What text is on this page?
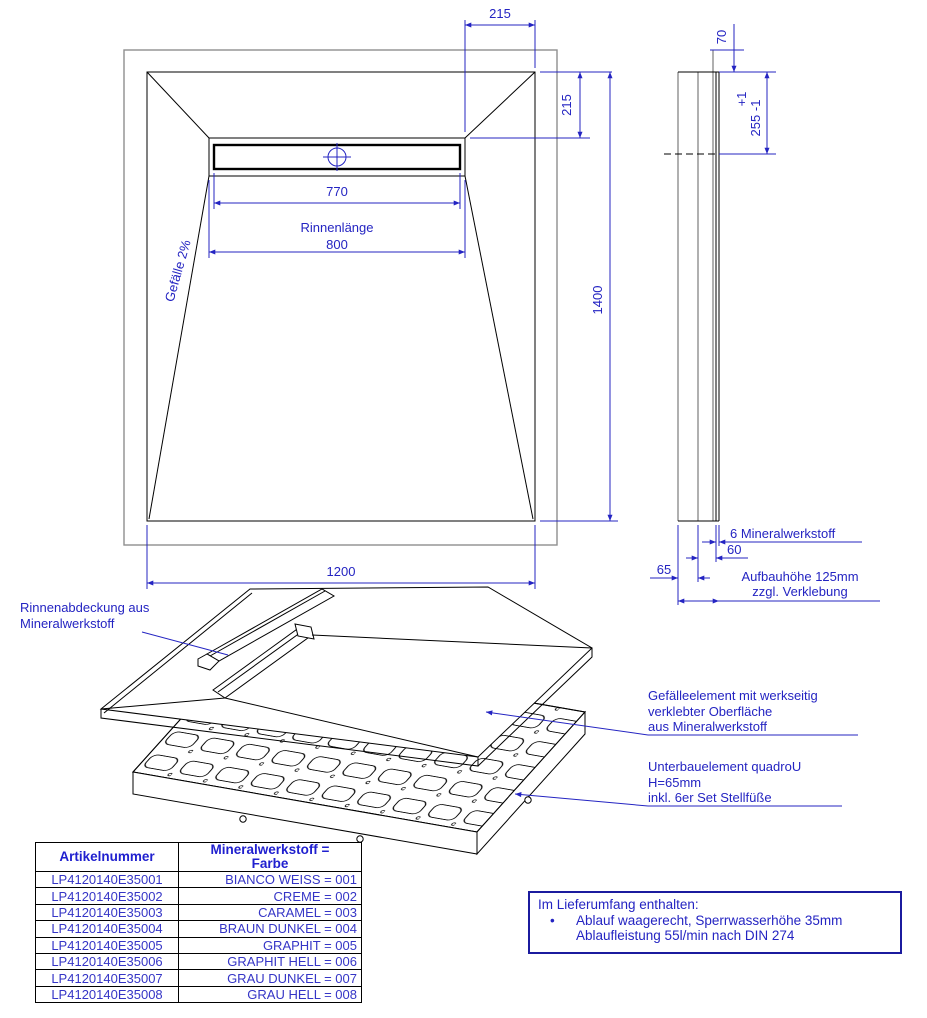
215
215
770
Rinnenlänge
800
1400
1200
Gefälle 2%
70
+1
255 -1
6 Mineralwerkstoff
60
65	Aufbauhöhe 125mm
zzgl. Verklebung
Rinnenabdeckung aus
Mineralwerkstoff
Gefälleelement mit werkseitig
verklebter Oberfläche
aus Mineralwerkstoff
Unterbauelement quadroU
H=65mm
inkl. 6er Set Stellfüße
Artikelnummer	Mineralwerkstoff =
Farbe

LP4120140E35001	BIANCO WEISS = 001
LP4120140E35002	CREME = 002
LP4120140E35003	CARAMEL = 003
LP4120140E35004	BRAUN DUNKEL = 004
LP4120140E35005	GRAPHIT = 005
LP4120140E35006	GRAPHIT HELL = 006
LP4120140E35007	GRAU DUNKEL = 007
LP4120140E35008	GRAU HELL = 008
Im Lieferumfang enthalten:
•	Ablauf waagerecht, Sperrwasserhöhe 35mm
Ablaufleistung 55l/min nach DIN 274
